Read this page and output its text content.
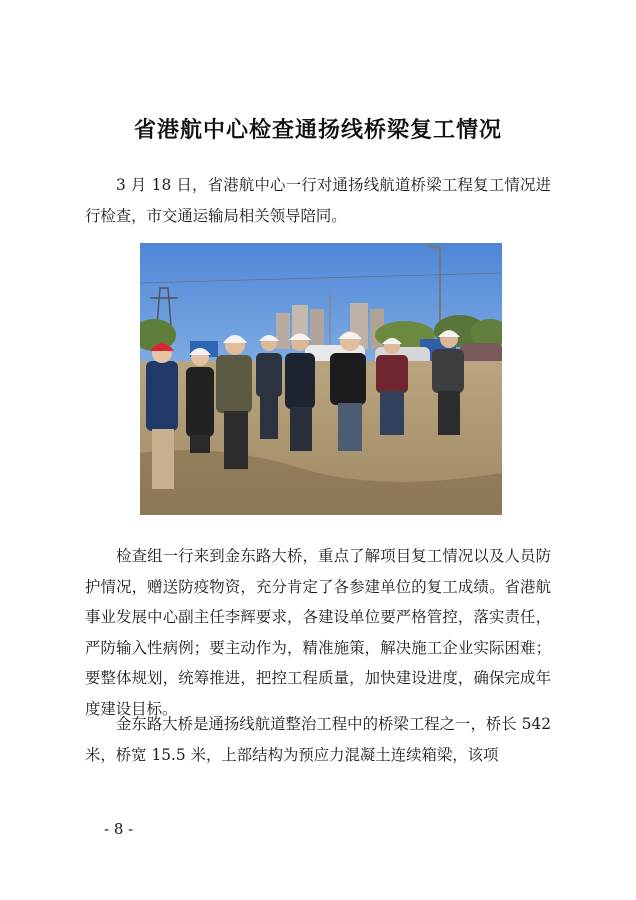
省港航中心检查通扬线桥梁复工情况
3 月 18 日，省港航中心一行对通扬线航道桥梁工程复工情况进行检查，市交通运输局相关领导陪同。
检查组一行来到金东路大桥，重点了解项目复工情况以及人员防护情况，赠送防疫物资，充分肯定了各参建单位的复工成绩。省港航事业发展中心副主任李辉要求，各建设单位要严格管控，落实责任，严防输入性病例；要主动作为，精准施策，解决施工企业实际困难；要整体规划，统筹推进，把控工程质量，加快建设进度，确保完成年度建设目标。
金东路大桥是通扬线航道整治工程中的桥梁工程之一，桥长 542 米，桥宽 15.5 米，上部结构为预应力混凝土连续箱梁，该项
- 8 -
